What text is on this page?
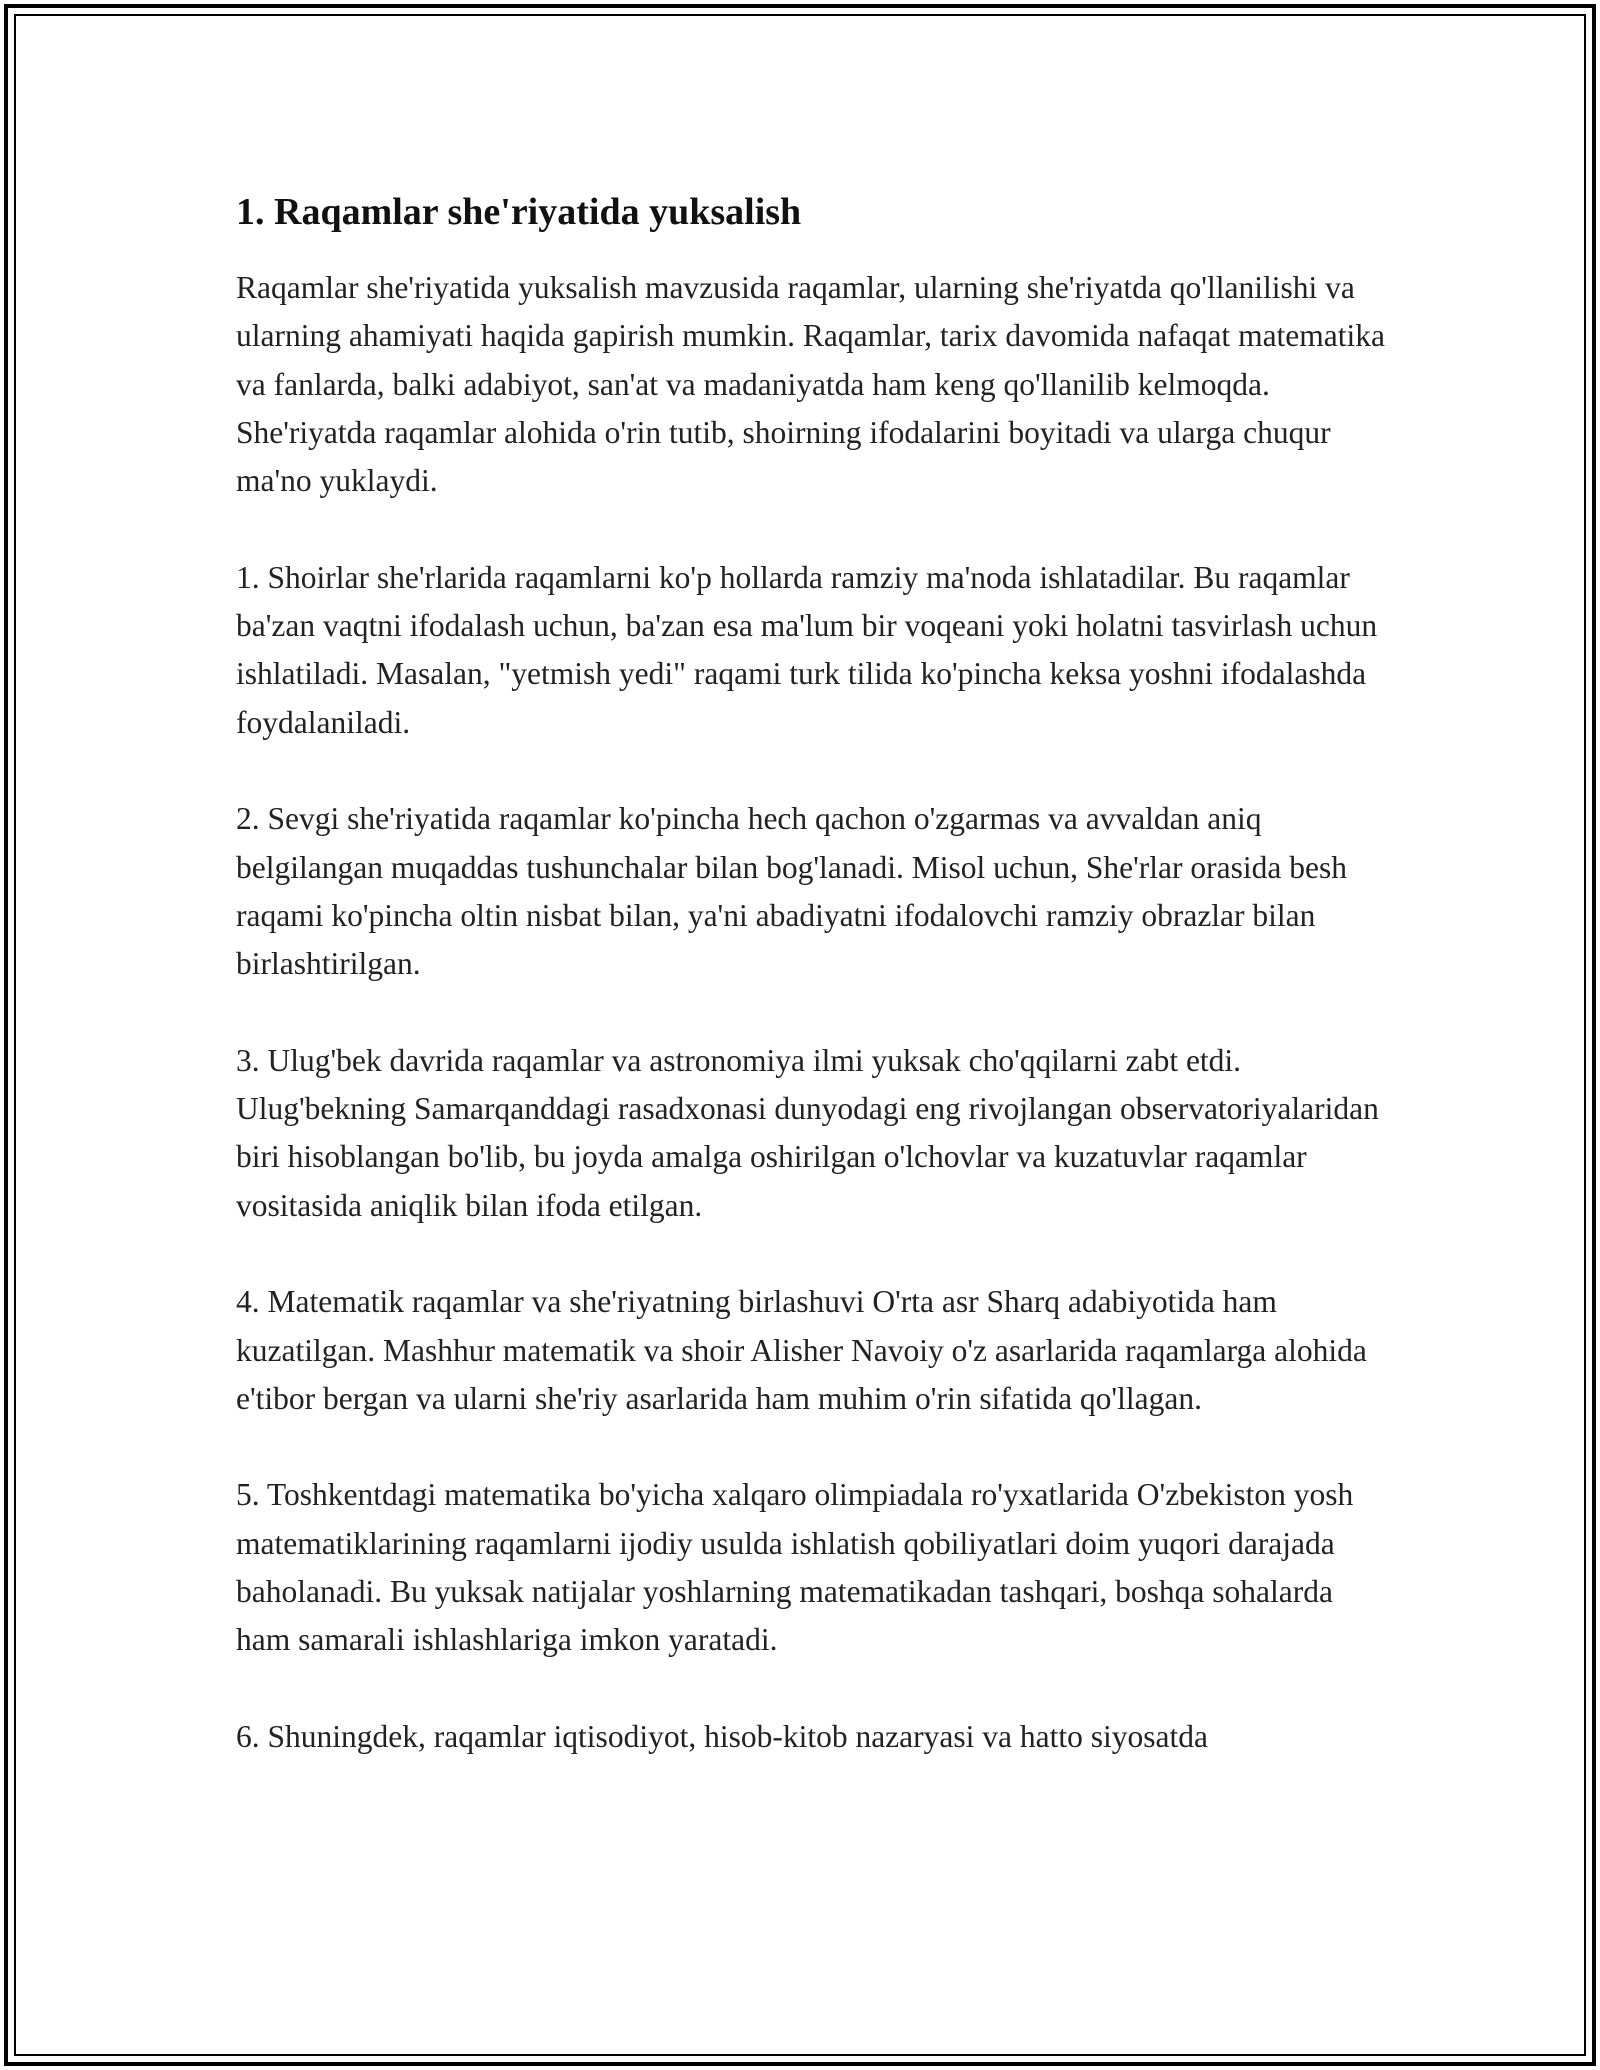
1. Raqamlar she'riyatida yuksalish

Raqamlar she'riyatida yuksalish mavzusida raqamlar, ularning she'riyatda qo'llanilishi va ularning ahamiyati haqida gapirish mumkin. Raqamlar, tarix davomida nafaqat matematika va fanlarda, balki adabiyot, san'at va madaniyatda ham keng qo'llanilib kelmoqda. She'riyatda raqamlar alohida o'rin tutib, shoirning ifodalarini boyitadi va ularga chuqur ma'no yuklaydi.

1. Shoirlar she'rlarida raqamlarni ko'p hollarda ramziy ma'noda ishlatadilar. Bu raqamlar ba'zan vaqtni ifodalash uchun, ba'zan esa ma'lum bir voqeani yoki holatni tasvirlash uchun ishlatiladi. Masalan, "yetmish yedi" raqami turk tilida ko'pincha keksa yoshni ifodalashda foydalaniladi.

2. Sevgi she'riyatida raqamlar ko'pincha hech qachon o'zgarmas va avvaldan aniq belgilangan muqaddas tushunchalar bilan bog'lanadi. Misol uchun, She'rlar orasida besh raqami ko'pincha oltin nisbat bilan, ya'ni abadiyatni ifodalovchi ramziy obrazlar bilan birlashtirilgan.

3. Ulug'bek davrida raqamlar va astronomiya ilmi yuksak cho'qqilarni zabt etdi. Ulug'bekning Samarqanddagi rasadxonasi dunyodagi eng rivojlangan observatoriyalaridan biri hisoblangan bo'lib, bu joyda amalga oshirilgan o'lchovlar va kuzatuvlar raqamlar vositasida aniqlik bilan ifoda etilgan.

4. Matematik raqamlar va she'riyatning birlashuvi O'rta asr Sharq adabiyotida ham kuzatilgan. Mashhur matematik va shoir Alisher Navoiy o'z asarlarida raqamlarga alohida e'tibor bergan va ularni she'riy asarlarida ham muhim o'rin sifatida qo'llagan.

5. Toshkentdagi matematika bo'yicha xalqaro olimpiadala ro'yxatlarida O'zbekiston yosh matematiklarining raqamlarni ijodiy usulda ishlatish qobiliyatlari doim yuqori darajada baholanadi. Bu yuksak natijalar yoshlarning matematikadan tashqari, boshqa sohalarda ham samarali ishlashlariga imkon yaratadi.

6. Shuningdek, raqamlar iqtisodiyot, hisob-kitob nazaryasi va hatto siyosatda
